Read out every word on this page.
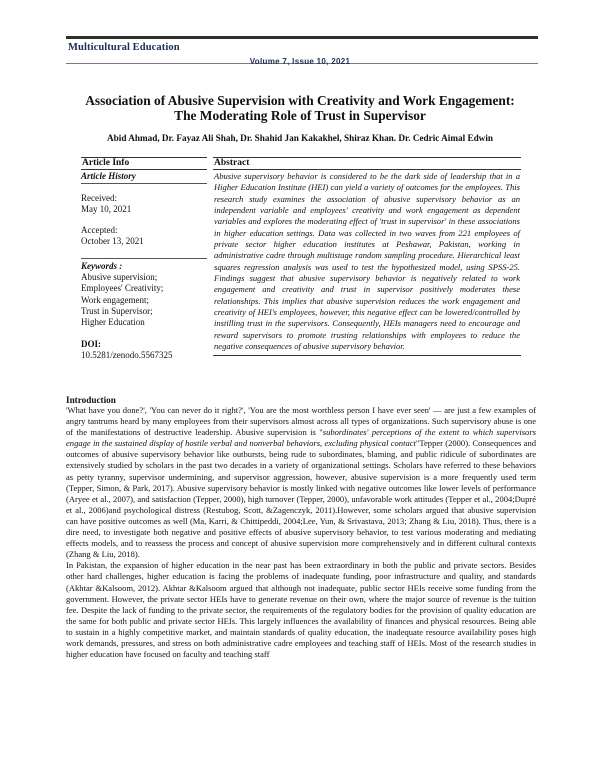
Multicultural Education
Volume 7, Issue 10, 2021
Association of Abusive Supervision with Creativity and Work Engagement:
The Moderating Role of Trust in Supervisor
Abid Ahmad, Dr. Fayaz Ali Shah, Dr. Shahid Jan Kakakhel, Shiraz Khan. Dr. Cedric Aimal Edwin
Article Info
Article History
Received:
May 10, 2021
Accepted:
October 13, 2021
Keywords :
Abusive supervision;
Employees' Creativity;
Work engagement;
Trust in Supervisor;
Higher Education
DOI:
10.5281/zenodo.5567325
Abstract
Abusive supervisory behavior is considered to be the dark side of leadership that in a Higher Education Institute (HEI) can yield a variety of outcomes for the employees. This research study examines the association of abusive supervisory behavior as an independent variable and employees' creativity and work engagement as dependent variables and explores the moderating effect of 'trust in supervisor' in these associations in higher education settings. Data was collected in two waves from 221 employees of private sector higher education institutes at Peshawar, Pakistan, working in administrative cadre through multistage random sampling procedure. Hierarchical least squares regression analysis was used to test the hypothesized model, using SPSS-25. Findings suggest that abusive supervisory behavior is negatively related to work engagement and creativity and trust in supervisor positively moderates these relationships. This implies that abusive supervision reduces the work engagement and creativity of HEI's employees, however, this negative effect can be lowered/controlled by instilling trust in the supervisors. Consequently, HEIs managers need to encourage and reward supervisors to promote trusting relationships with employees to reduce the negative consequences of abusive supervisory behavior.
Introduction

'What have you done?', 'You can never do it right?', 'You are the most worthless person I have ever seen' — are just a few examples of angry tantrums heard by many employees from their supervisors almost across all types of organizations. Such supervisory abuse is one of the manifestations of destructive leadership. Abusive supervision is "subordinates' perceptions of the extent to which supervisors engage in the sustained display of hostile verbal and nonverbal behaviors, excluding physical contact"Tepper (2000). Consequences and outcomes of abusive supervisory behavior like outbursts, being rude to subordinates, blaming, and public ridicule of subordinates are extensively studied by scholars in the past two decades in a variety of organizational settings. Scholars have referred to these behaviors as petty tyranny, supervisor undermining, and supervisor aggression, however, abusive supervision is a more frequently used term (Tepper, Simon, & Park, 2017). Abusive supervisory behavior is mostly linked with negative outcomes like lower levels of performance (Aryee et al., 2007), and satisfaction (Tepper, 2000), high turnover (Tepper, 2000), unfavorable work attitudes (Tepper et al., 2004;Dupré et al., 2006)and psychological distress (Restubog, Scott, &Zagenczyk, 2011).However, some scholars argued that abusive supervision can have positive outcomes as well (Ma, Karri, & Chittipeddi, 2004;Lee, Yun, & Srivastava, 2013; Zhang & Liu, 2018). Thus, there is a dire need, to investigate both negative and positive effects of abusive supervisory behavior, to test various moderating and mediating effects models, and to reassess the process and concept of abusive supervision more comprehensively and in different cultural contexts (Zhang & Liu, 2018).

In Pakistan, the expansion of higher education in the near past has been extraordinary in both the public and private sectors. Besides other hard challenges, higher education is facing the problems of inadequate funding, poor infrastructure and quality, and standards (Akhtar &Kalsoom, 2012). Akhtar &Kalsoom argued that although not inadequate, public sector HEIs receive some funding from the government. However, the private sector HEIs have to generate revenue on their own, where the major source of revenue is the tuition fee. Despite the lack of funding to the private sector, the requirements of the regulatory bodies for the provision of quality education are the same for both public and private sector HEIs. This largely influences the availability of finances and physical resources. Being able to sustain in a highly competitive market, and maintain standards of quality education, the inadequate resource availability poses high work demands, pressures, and stress on both administrative cadre employees and teaching staff of HEIs. Most of the research studies in higher education have focused on faculty and teaching staff
